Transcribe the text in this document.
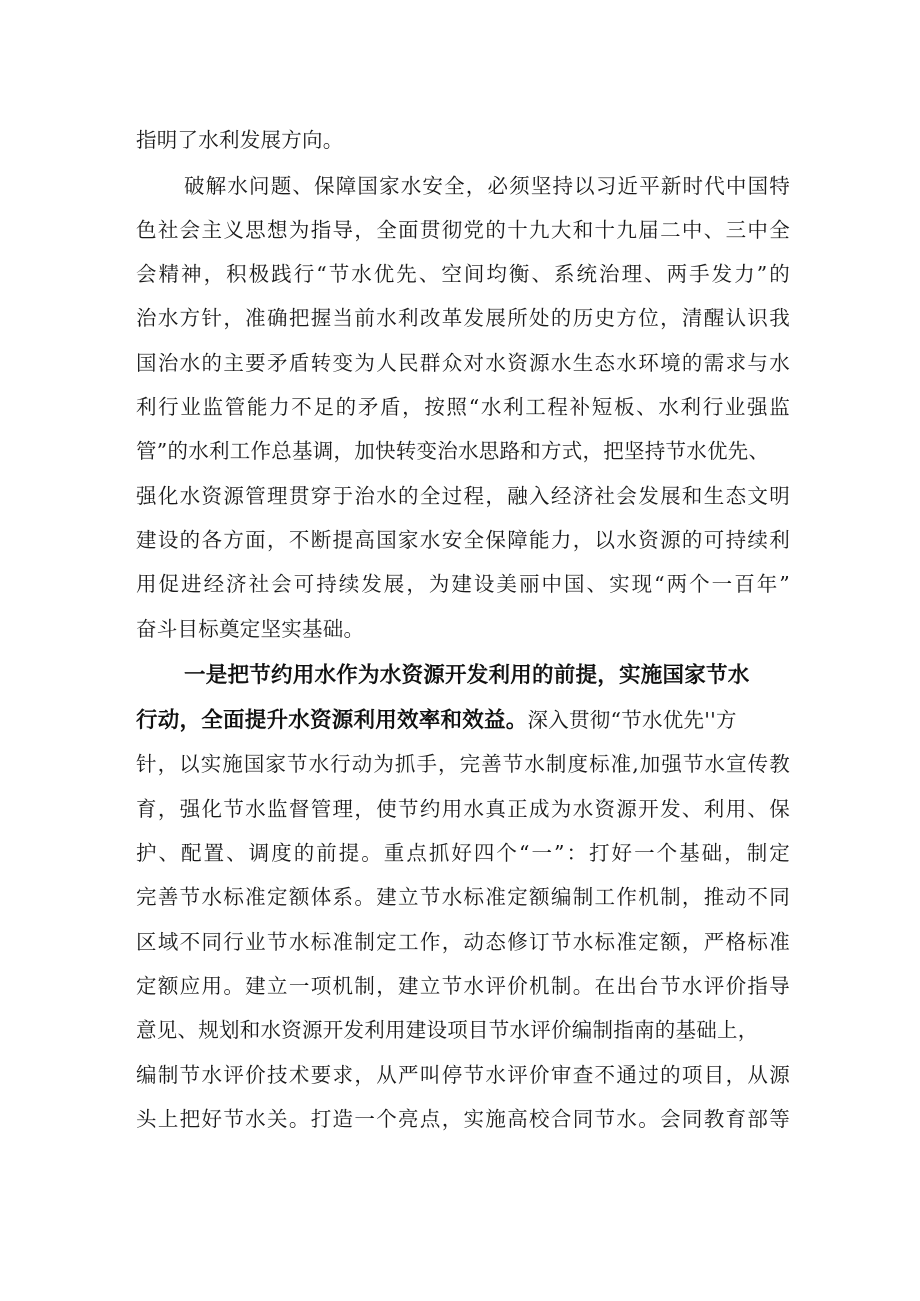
指明了水利发展方向。
破解水问题、保障国家水安全，必须坚持以习近平新时代中国特
色社会主义思想为指导，全面贯彻党的十九大和十九届二中、三中全
会精神，积极践行“节水优先、空间均衡、系统治理、两手发力”的
治水方针，准确把握当前水利改革发展所处的历史方位，清醒认识我
国治水的主要矛盾转变为人民群众对水资源水生态水环境的需求与水
利行业监管能力不足的矛盾，按照“水利工程补短板、水利行业强监
管”的水利工作总基调，加快转变治水思路和方式，把坚持节水优先、
强化水资源管理贯穿于治水的全过程，融入经济社会发展和生态文明
建设的各方面，不断提高国家水安全保障能力，以水资源的可持续利
用促进经济社会可持续发展，为建设美丽中国、实现“两个一百年”
奋斗目标奠定坚实基础。
一是把节约用水作为水资源开发利用的前提，实施国家节水
行动，全面提升水资源利用效率和效益。深入贯彻“节水优先''方
针，以实施国家节水行动为抓手，完善节水制度标准,加强节水宣传教
育，强化节水监督管理，使节约用水真正成为水资源开发、利用、保
护、配置、调度的前提。重点抓好四个“一”：打好一个基础，制定
完善节水标准定额体系。建立节水标准定额编制工作机制，推动不同
区域不同行业节水标准制定工作，动态修订节水标准定额，严格标准
定额应用。建立一项机制，建立节水评价机制。在出台节水评价指导
意见、规划和水资源开发利用建设项目节水评价编制指南的基础上，
编制节水评价技术要求，从严叫停节水评价审查不通过的项目，从源
头上把好节水关。打造一个亮点，实施高校合同节水。会同教育部等
